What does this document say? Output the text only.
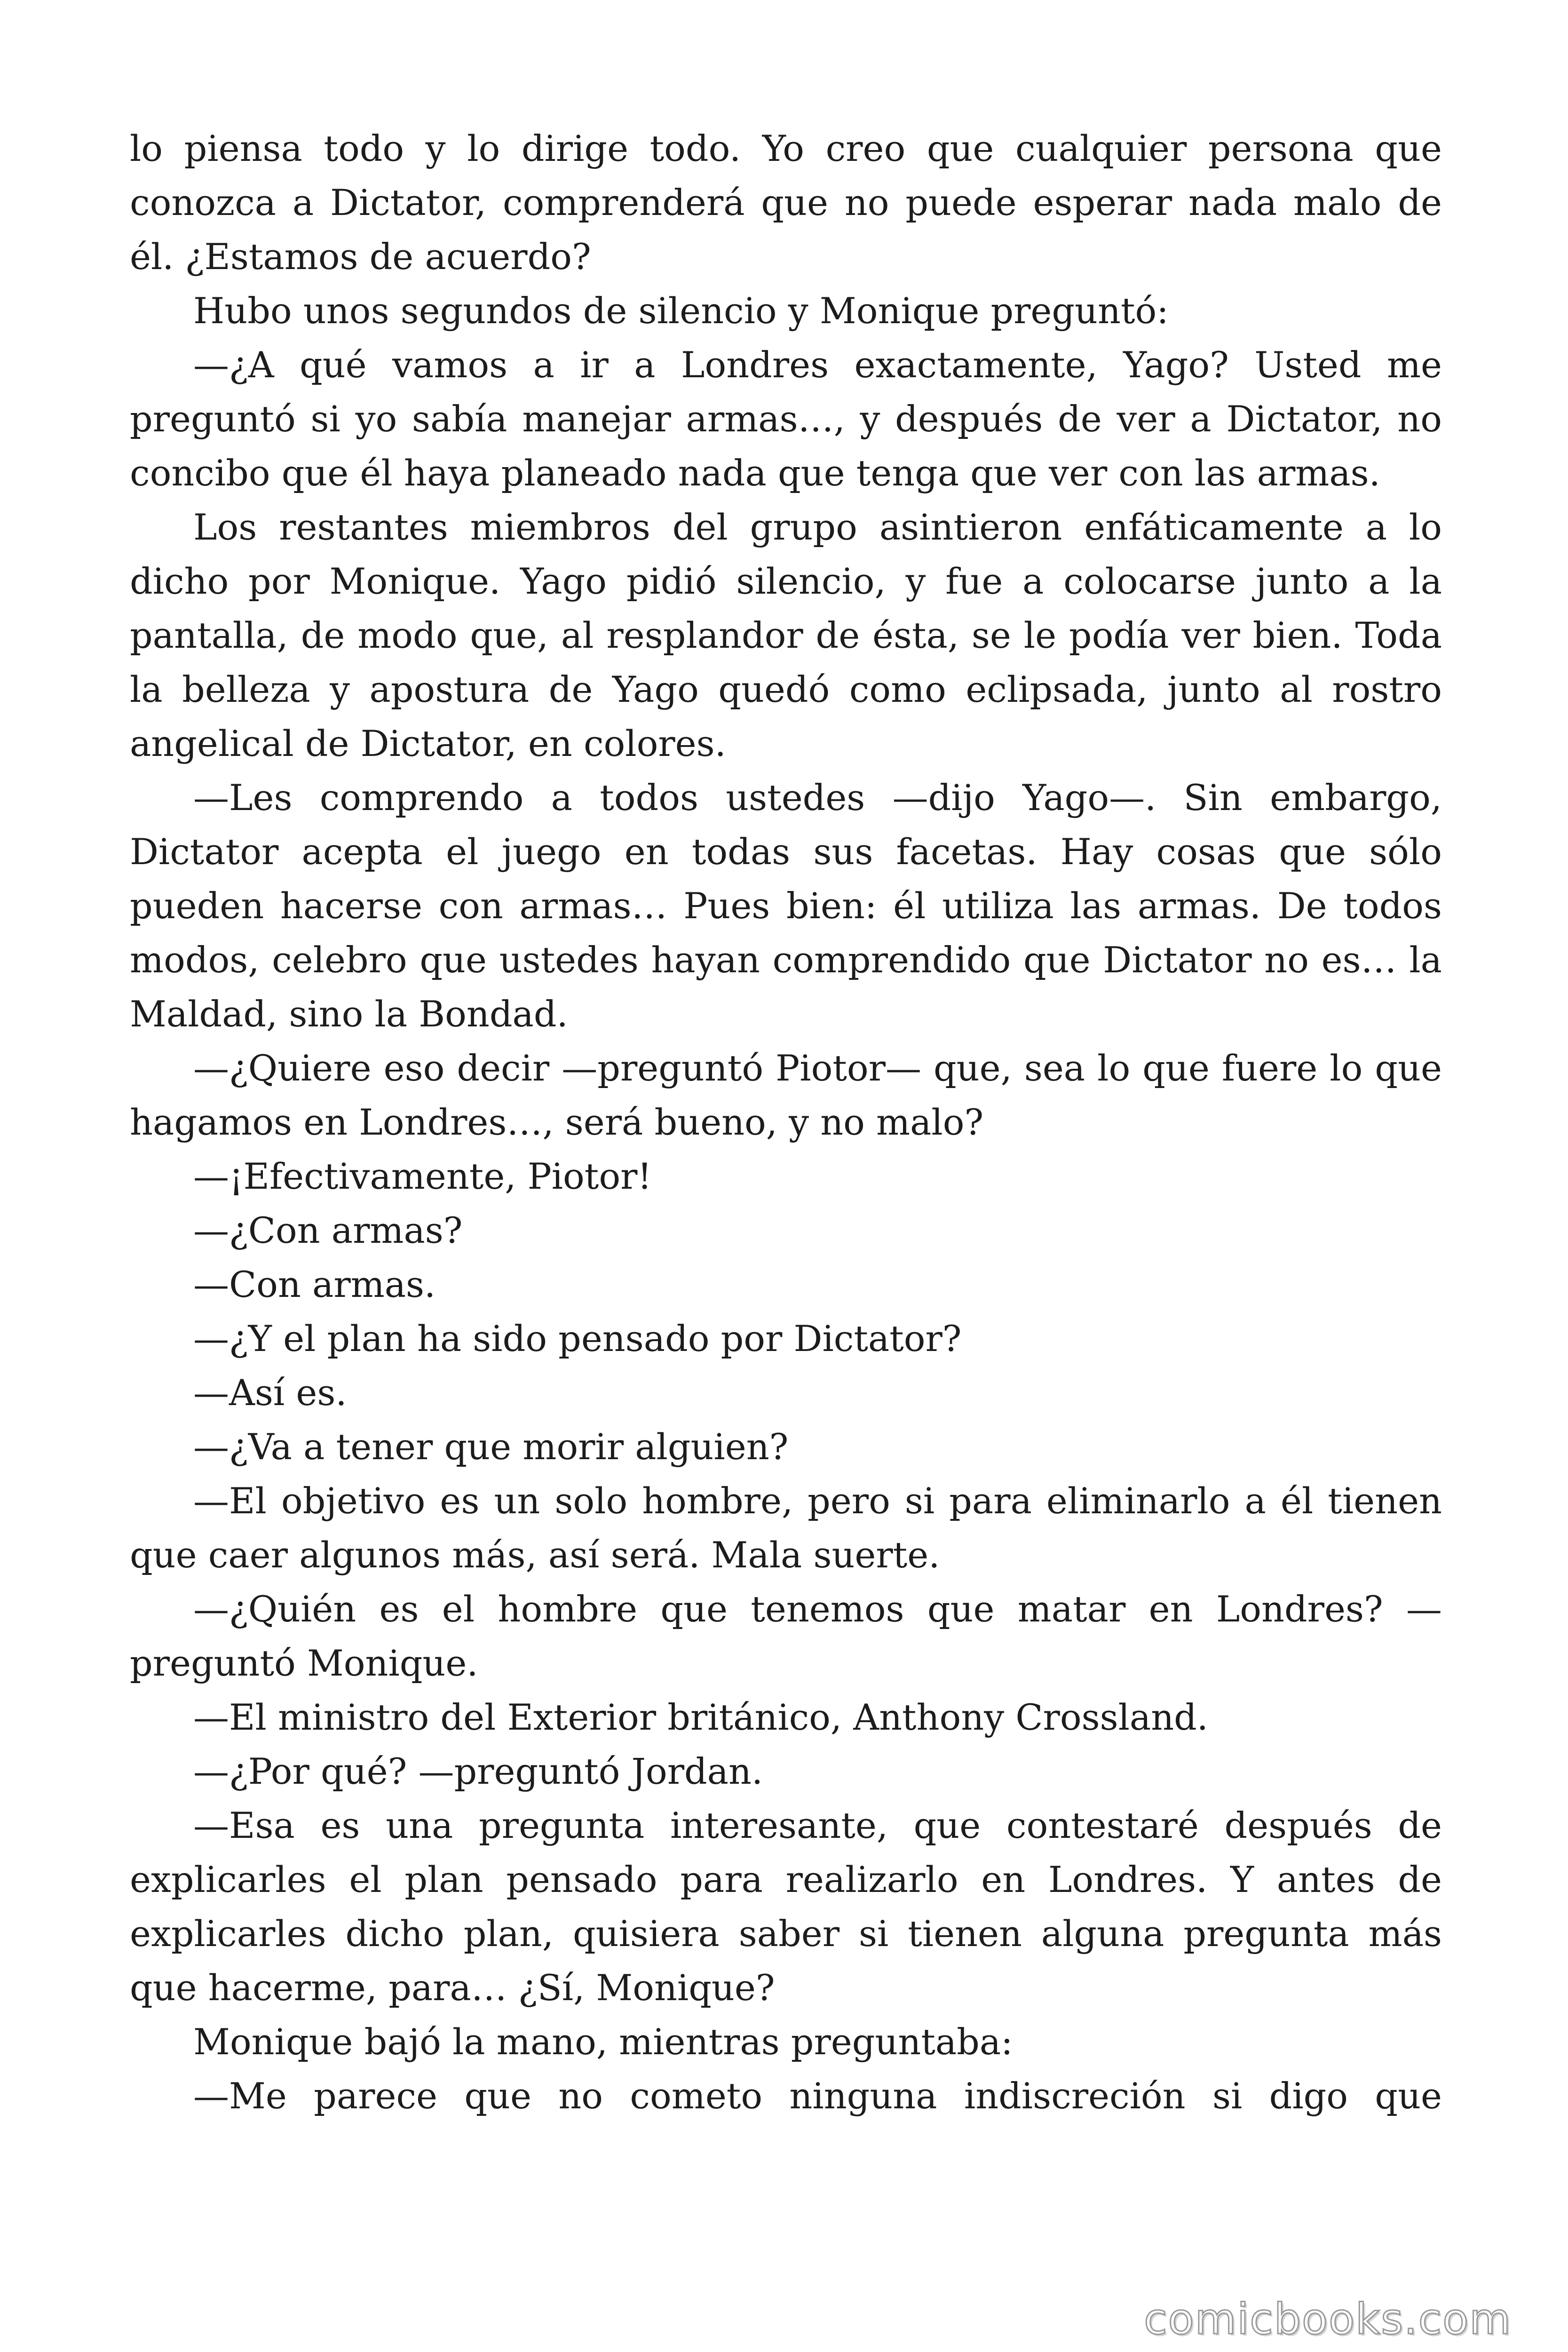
lo piensa todo y lo dirige todo. Yo creo que cualquier persona que conozca a Dictator, comprenderá que no puede esperar nada malo de él. ¿Estamos de acuerdo?

Hubo unos segundos de silencio y Monique preguntó:

—¿A qué vamos a ir a Londres exactamente, Yago? Usted me preguntó si yo sabía manejar armas…, y después de ver a Dictator, no concibo que él haya planeado nada que tenga que ver con las armas.

Los restantes miembros del grupo asintieron enfáticamente a lo dicho por Monique. Yago pidió silencio, y fue a colocarse junto a la pantalla, de modo que, al resplandor de ésta, se le podía ver bien. Toda la belleza y apostura de Yago quedó como eclipsada, junto al rostro angelical de Dictator, en colores.

—Les comprendo a todos ustedes —dijo Yago—. Sin embargo, Dictator acepta el juego en todas sus facetas. Hay cosas que sólo pueden hacerse con armas… Pues bien: él utiliza las armas. De todos modos, celebro que ustedes hayan comprendido que Dictator no es… la Maldad, sino la Bondad.

—¿Quiere eso decir —preguntó Piotor— que, sea lo que fuere lo que hagamos en Londres…, será bueno, y no malo?

—¡Efectivamente, Piotor!

—¿Con armas?

—Con armas.

—¿Y el plan ha sido pensado por Dictator?

—Así es.

—¿Va a tener que morir alguien?

—El objetivo es un solo hombre, pero si para eliminarlo a él tienen que caer algunos más, así será. Mala suerte.

—¿Quién es el hombre que tenemos que matar en Londres? —preguntó Monique.

—El ministro del Exterior británico, Anthony Crossland.

—¿Por qué? —preguntó Jordan.

—Esa es una pregunta interesante, que contestaré después de explicarles el plan pensado para realizarlo en Londres. Y antes de explicarles dicho plan, quisiera saber si tienen alguna pregunta más que hacerme, para… ¿Sí, Monique?

Monique bajó la mano, mientras preguntaba:

—Me parece que no cometo ninguna indiscreción si digo que

comicbooks.com
